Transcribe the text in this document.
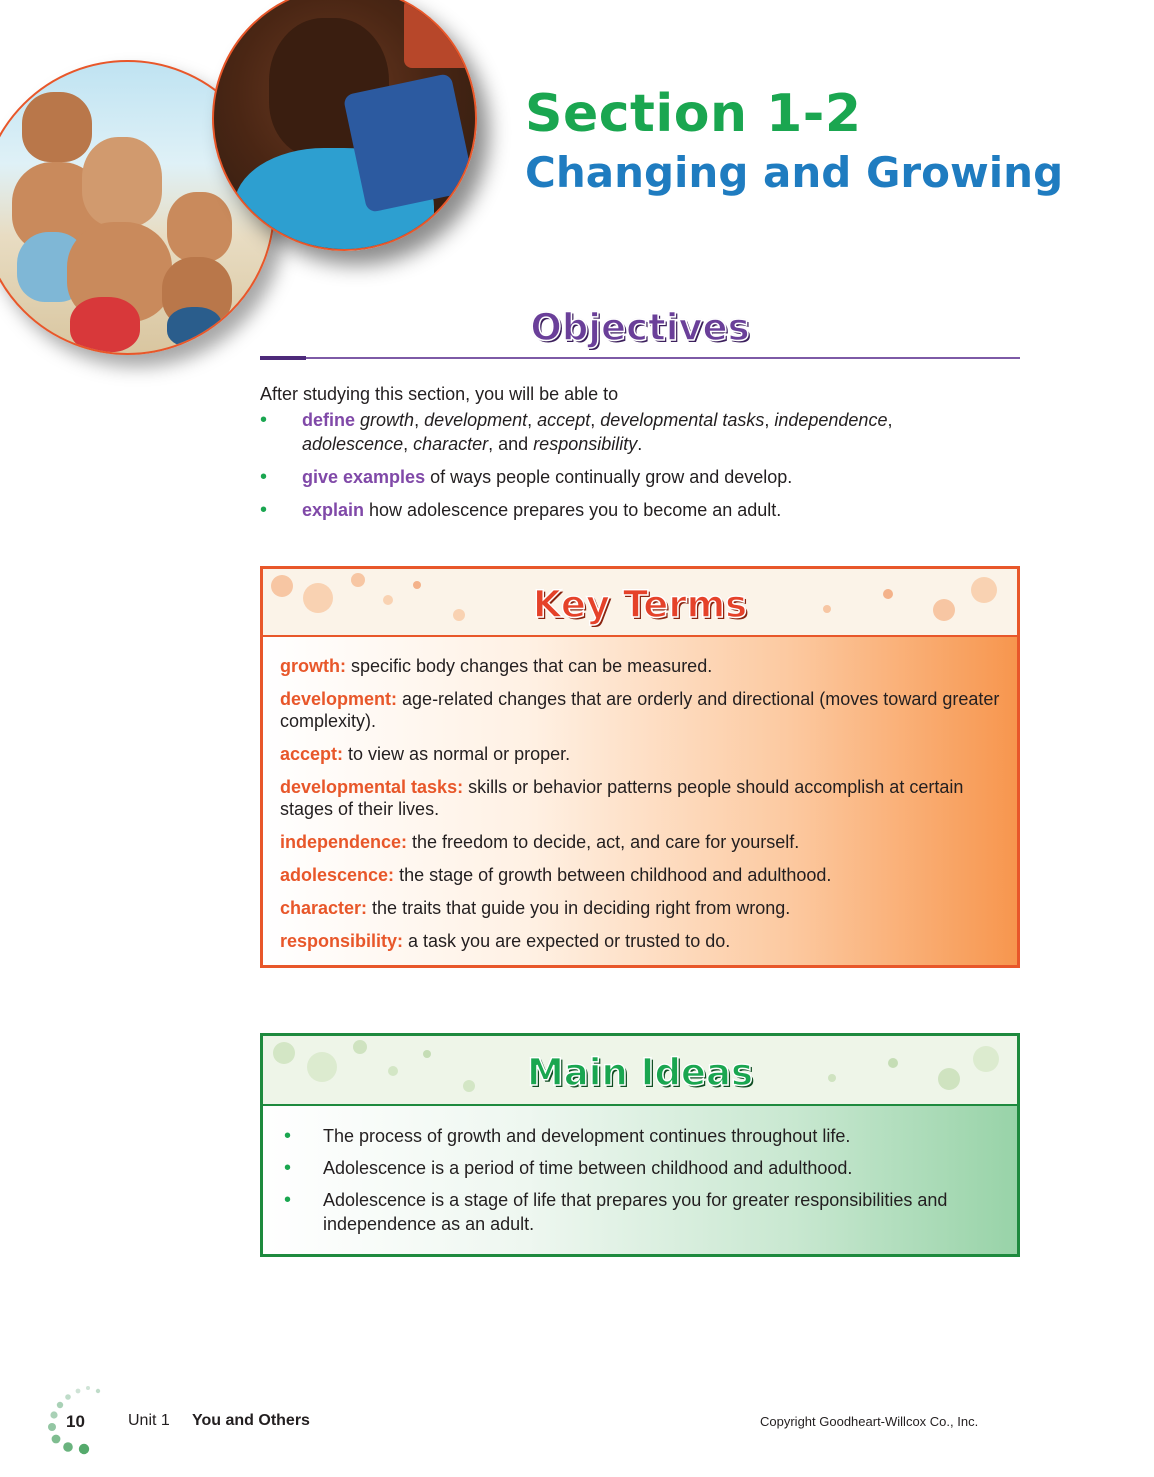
Section 1-2
Changing and Growing
Objectives
After studying this section, you will be able to
• define growth, development, accept, developmental tasks, independence, adolescence, character, and responsibility.
• give examples of ways people continually grow and develop.
• explain how adolescence prepares you to become an adult.
Key Terms

growth: specific body changes that can be measured.

development: age-related changes that are orderly and directional (moves toward greater complexity).

accept: to view as normal or proper.

developmental tasks: skills or behavior patterns people should accomplish at certain stages of their lives.

independence: the freedom to decide, act, and care for yourself.

adolescence: the stage of growth between childhood and adulthood.

character: the traits that guide you in deciding right from wrong.

responsibility: a task you are expected or trusted to do.

Main Ideas
• The process of growth and development continues throughout life.
• Adolescence is a period of time between childhood and adulthood.
• Adolescence is a stage of life that prepares you for greater responsibilities and independence as an adult.
10	Unit 1 You and Others	Copyright Goodheart-Willcox Co., Inc.
